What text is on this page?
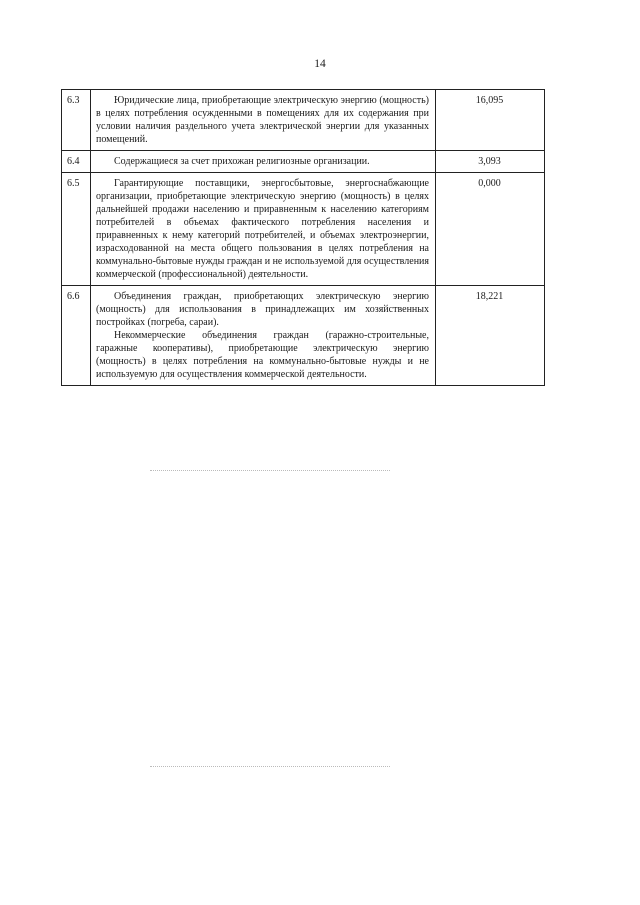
14
6.3	Юридические лица, приобретающие электрическую энергию (мощность) в целях потребления осужденными в помещениях для их содержания при условии наличия раздельного учета электрической энергии для указанных помещений.	16,095
6.4	Содержащиеся за счет прихожан религиозные организации.	3,093
6.5	Гарантирующие поставщики, энергосбытовые, энергоснабжающие организации, приобретающие электрическую энергию (мощность) в целях дальнейшей продажи населению и приравненным к населению категориям потребителей в объемах фактического потребления населения и приравненных к нему категорий потребителей, и объемах электроэнергии, израсходованной на места общего пользования в целях потребления на коммунально-бытовые нужды граждан и не используемой для осуществления коммерческой (профессиональной) деятельности.	0,000
6.6	Объединения граждан, приобретающих электрическую энергию (мощность) для использования в принадлежащих им хозяйственных постройках (погреба, сараи).

Некоммерческие объединения граждан (гаражно-строительные, гаражные кооперативы), приобретающие электрическую энергию (мощность) в целях потребления на коммунально-бытовые нужды и не используемую для осуществления коммерческой деятельности.	18,221
